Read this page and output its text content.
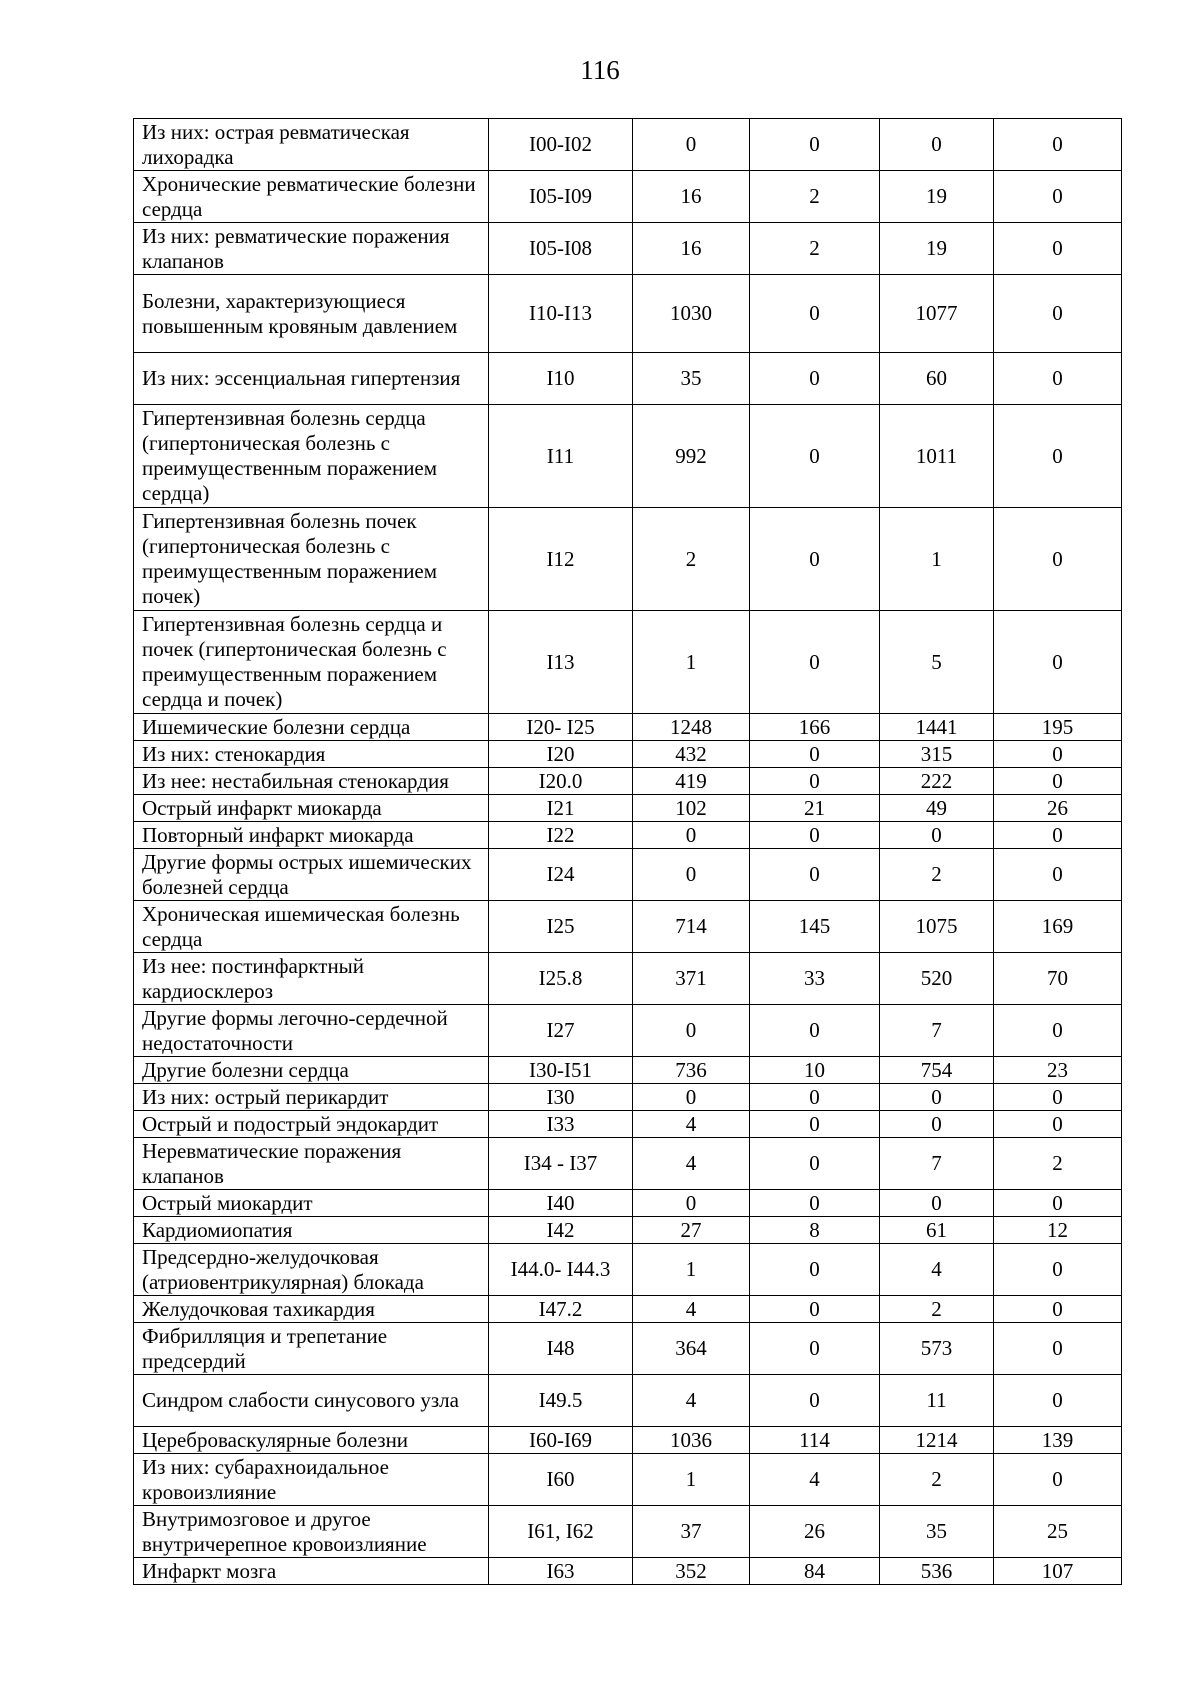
116
Из них: острая ревматическая лихорадка	I00-I02	0	0	0	0
Хронические ревматические болезни сердца	I05-I09	16	2	19	0
Из них: ревматические поражения клапанов	I05-I08	16	2	19	0
Болезни, характеризующиеся повышенным кровяным давлением	I10-I13	1030	0	1077	0
Из них: эссенциальная гипертензия	I10	35	0	60	0
Гипертензивная болезнь сердца (гипертоническая болезнь с преимущественным поражением сердца)	I11	992	0	1011	0
Гипертензивная болезнь почек (гипертоническая болезнь с преимущественным поражением почек)	I12	2	0	1	0
Гипертензивная болезнь сердца и почек (гипертоническая болезнь с преимущественным поражением сердца и почек)	I13	1	0	5	0
Ишемические болезни сердца	I20- I25	1248	166	1441	195
Из них: стенокардия	I20	432	0	315	0
Из нее: нестабильная стенокардия	I20.0	419	0	222	0
Острый инфаркт миокарда	I21	102	21	49	26
Повторный инфаркт миокарда	I22	0	0	0	0
Другие формы острых ишемических болезней сердца	I24	0	0	2	0
Хроническая ишемическая болезнь сердца	I25	714	145	1075	169
Из нее: постинфарктный кардиосклероз	I25.8	371	33	520	70
Другие формы легочно-сердечной недостаточности	I27	0	0	7	0
Другие болезни сердца	I30-I51	736	10	754	23
Из них: острый перикардит	I30	0	0	0	0
Острый и подострый эндокардит	I33	4	0	0	0
Неревматические поражения клапанов	I34 - I37	4	0	7	2
Острый миокардит	I40	0	0	0	0
Кардиомиопатия	I42	27	8	61	12
Предсердно-желудочковая (атриовентрикулярная) блокада	I44.0- I44.3	1	0	4	0
Желудочковая тахикардия	I47.2	4	0	2	0
Фибрилляция и трепетание предсердий	I48	364	0	573	0
Синдром слабости синусового узла	I49.5	4	0	11	0
Цереброваскулярные болезни	I60-I69	1036	114	1214	139
Из них: субарахноидальное кровоизлияние	I60	1	4	2	0
Внутримозговое и другое внутричерепное кровоизлияние	I61, I62	37	26	35	25
Инфаркт мозга	I63	352	84	536	107
